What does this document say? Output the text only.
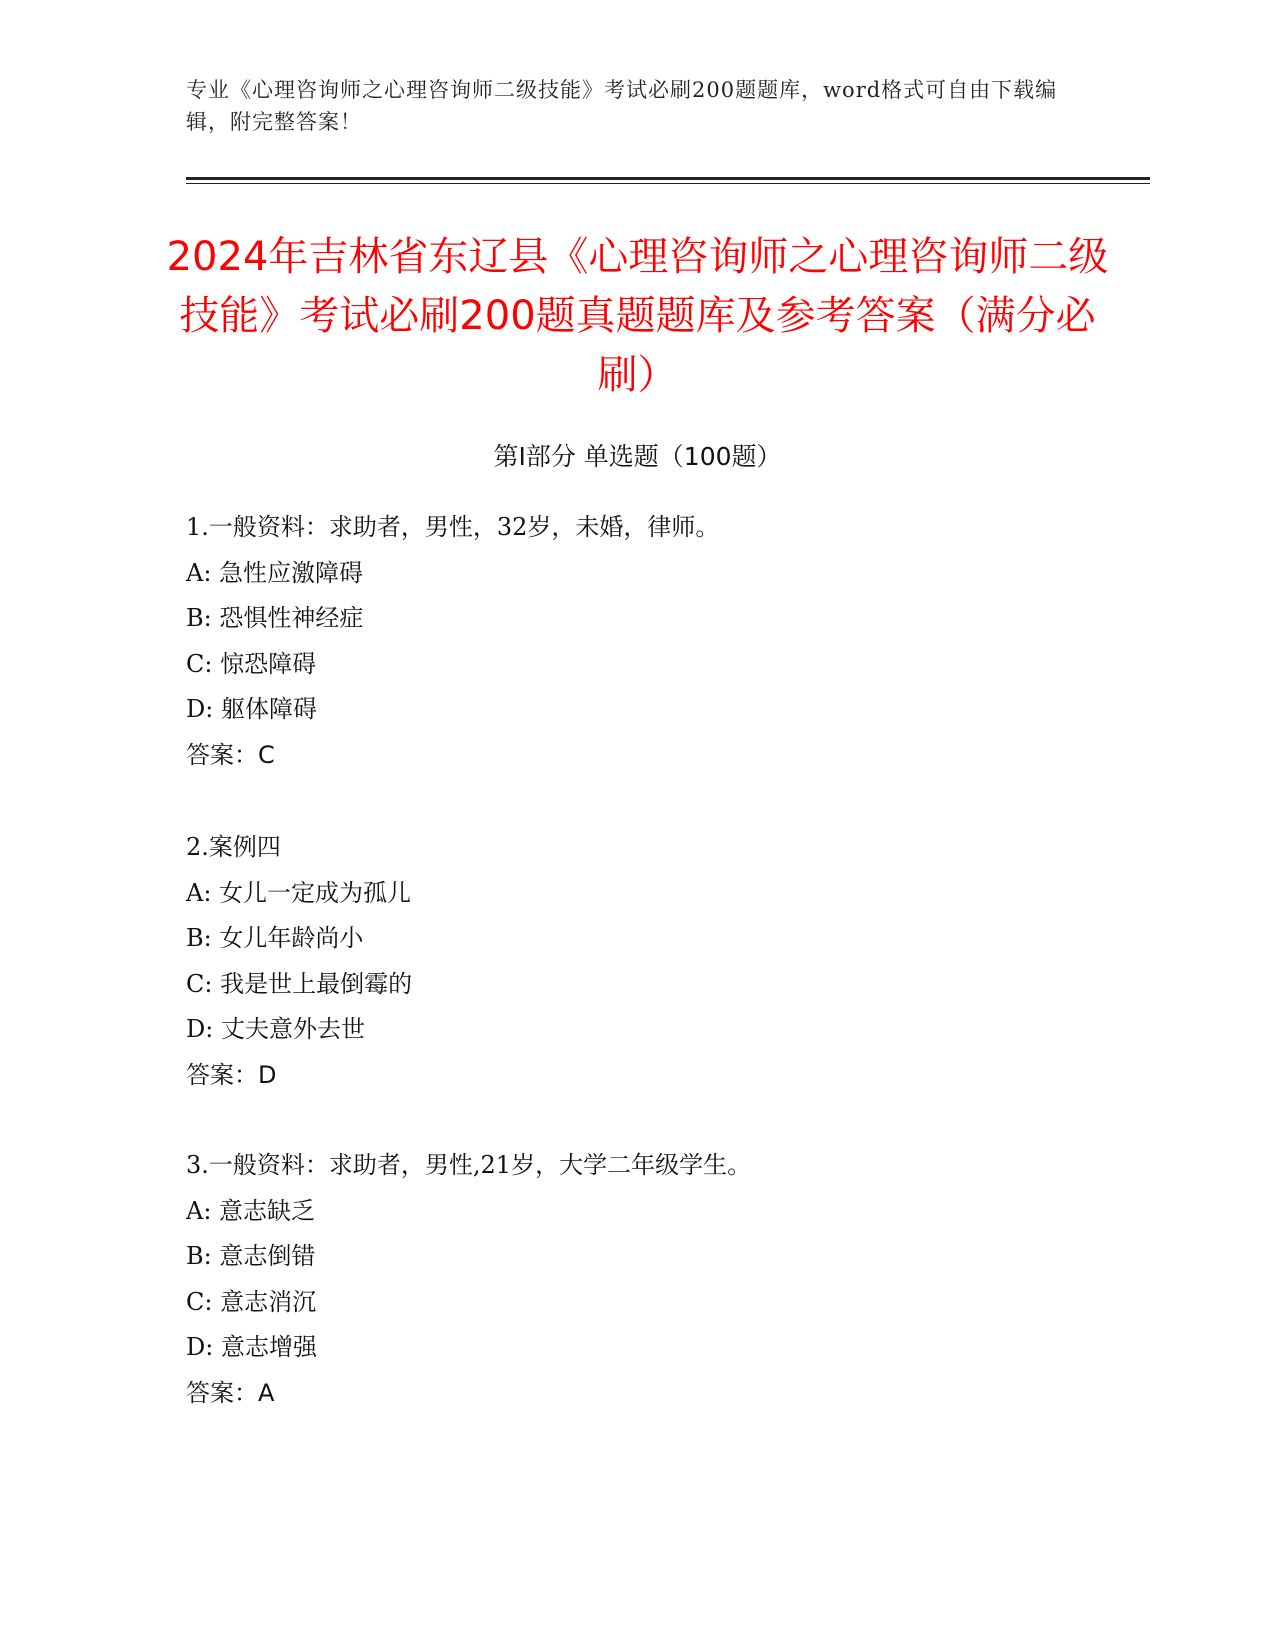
专业《心理咨询师之心理咨询师二级技能》考试必刷200题题库，word格式可自由下载编辑，附完整答案！
2024年吉林省东辽县《心理咨询师之心理咨询师二级技能》考试必刷200题真题题库及参考答案（满分必刷）
第I部分 单选题（100题）
1.一般资料：求助者，男性，32岁，未婚，律师。
A: 急性应激障碍
B: 恐惧性神经症
C: 惊恐障碍
D: 躯体障碍
答案：C
2.案例四
A: 女儿一定成为孤儿
B: 女儿年龄尚小
C: 我是世上最倒霉的
D: 丈夫意外去世
答案：D
3.一般资料：求助者，男性,21岁，大学二年级学生。
A: 意志缺乏
B: 意志倒错
C: 意志消沉
D: 意志增强
答案：A
